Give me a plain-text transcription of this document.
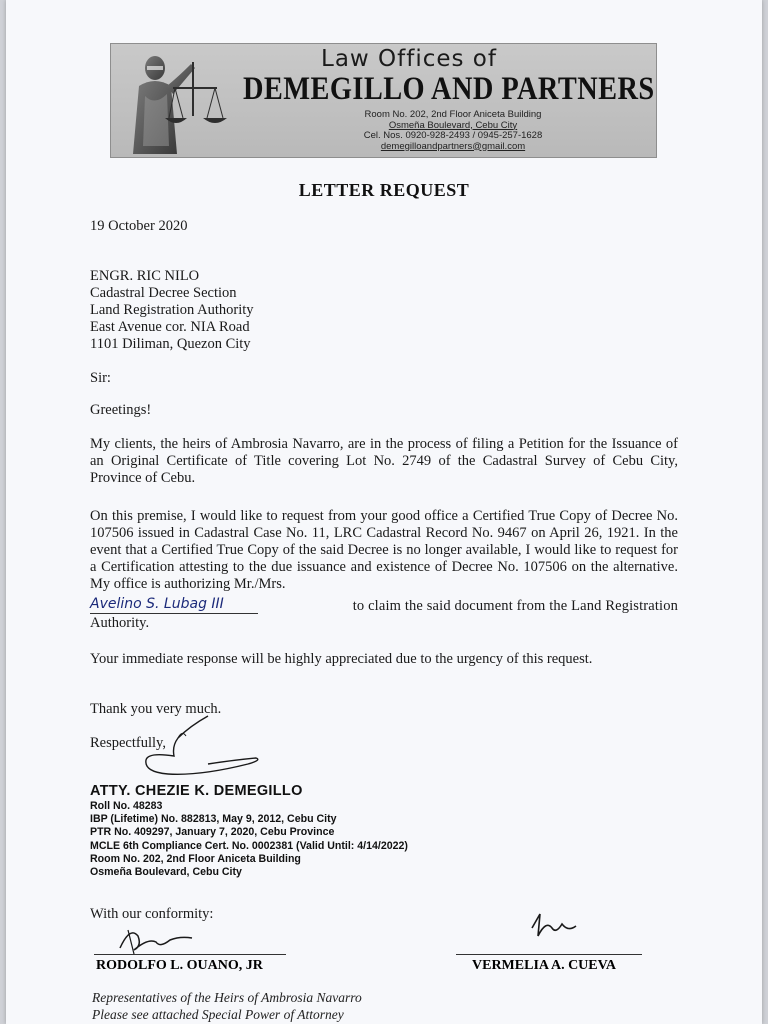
Law Offices of
DEMEGILLO AND PARTNERS
Room No. 202, 2nd Floor Aniceta Building
Osmeña Boulevard, Cebu City
Cel. Nos. 0920-928-2493 / 0945-257-1628
demegilloandpartners@gmail.com
LETTER REQUEST
19 October 2020
ENGR. RIC NILO
Cadastral Decree Section
Land Registration Authority
East Avenue cor. NIA Road
1101 Diliman, Quezon City
Sir:
Greetings!
My clients, the heirs of Ambrosia Navarro, are in the process of filing a Petition for the Issuance of an Original Certificate of Title covering Lot No. 2749 of the Cadastral Survey of Cebu City, Province of Cebu.
On this premise, I would like to request from your good office a Certified True Copy of Decree No. 107506 issued in Cadastral Case No. 11, LRC Cadastral Record No. 9467 on April 26, 1921. In the event that a Certified True Copy of the said Decree is no longer available, I would like to request for a Certification attesting to the due issuance and existence of Decree No. 107506 on the alternative. My office is authorizing Mr./Mrs.
Avelino S. Lubag III	to claim the said document from the Land Registration
Authority.
Your immediate response will be highly appreciated due to the urgency of this request.
Thank you very much.
Respectfully,
ATTY. CHEZIE K. DEMEGILLO
Roll No. 48283
IBP (Lifetime) No. 882813, May 9, 2012, Cebu City
PTR No. 409297, January 7, 2020, Cebu Province
MCLE 6th Compliance Cert. No. 0002381 (Valid Until: 4/14/2022)
Room No. 202, 2nd Floor Aniceta Building
Osmeña Boulevard, Cebu City
With our conformity:
RODOLFO L. OUANO, JR	VERMELIA A. CUEVA
Representatives of the Heirs of Ambrosia Navarro
Please see attached Special Power of Attorney
